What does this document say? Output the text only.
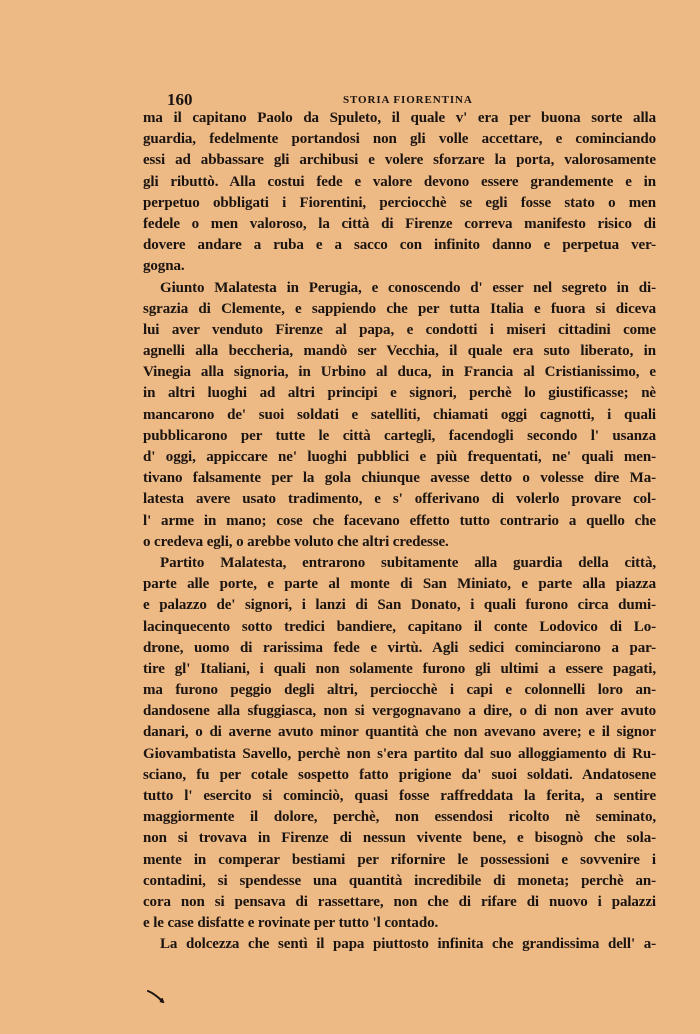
160	STORIA FIORENTINA
ma il capitano Paolo da Spuleto, il quale v' era per buona sorte alla
guardia, fedelmente portandosi non gli volle accettare, e cominciando
essi ad abbassare gli archibusi e volere sforzare la porta, valorosamente
gli ributtò. Alla costui fede e valore devono essere grandemente e in
perpetuo obbligati i Fiorentini, perciocchè se egli fosse stato o men
fedele o men valoroso, la città di Firenze correva manifesto risico di
dovere andare a ruba e a sacco con infinito danno e perpetua ver-
gogna.
Giunto Malatesta in Perugia, e conoscendo d' esser nel segreto in di-
sgrazia di Clemente, e sappiendo che per tutta Italia e fuora si diceva
lui aver venduto Firenze al papa, e condotti i miseri cittadini come
agnelli alla beccheria, mandò ser Vecchia, il quale era suto liberato, in
Vinegia alla signoria, in Urbino al duca, in Francia al Cristianissimo, e
in altri luoghi ad altri principi e signori, perchè lo giustificasse; nè
mancarono de' suoi soldati e satelliti, chiamati oggi cagnotti, i quali
pubblicarono per tutte le città cartegli, facendogli secondo l' usanza
d' oggi, appiccare ne' luoghi pubblici e più frequentati, ne' quali men-
tivano falsamente per la gola chiunque avesse detto o volesse dire Ma-
latesta avere usato tradimento, e s' offerivano di volerlo provare col-
l' arme in mano; cose che facevano effetto tutto contrario a quello che
o credeva egli, o arebbe voluto che altri credesse.
Partito Malatesta, entrarono subitamente alla guardia della città,
parte alle porte, e parte al monte di San Miniato, e parte alla piazza
e palazzo de' signori, i lanzi di San Donato, i quali furono circa dumi-
lacinquecento sotto tredici bandiere, capitano il conte Lodovico di Lo-
drone, uomo di rarissima fede e virtù. Agli sedici cominciarono a par-
tire gl' Italiani, i quali non solamente furono gli ultimi a essere pagati,
ma furono peggio degli altri, perciocchè i capi e colonnelli loro an-
dandosene alla sfuggiasca, non si vergognavano a dire, o di non aver avuto
danari, o di averne avuto minor quantità che non avevano avere; e il signor
Giovambatista Savello, perchè non s'era partito dal suo alloggiamento di Ru-
sciano, fu per cotale sospetto fatto prigione da' suoi soldati. Andatosene
tutto l' esercito si cominciò, quasi fosse raffreddata la ferita, a sentire
maggiormente il dolore, perchè, non essendosi ricolto nè seminato,
non si trovava in Firenze di nessun vivente bene, e bisognò che sola-
mente in comperar bestiami per rifornire le possessioni e sovvenire i
contadini, si spendesse una quantità incredibile di moneta; perchè an-
cora non si pensava di rassettare, non che di rifare di nuovo i palazzi
e le case disfatte e rovinate per tutto 'l contado.
La dolcezza che sentì il papa piuttosto infinita che grandissima dell' a-
